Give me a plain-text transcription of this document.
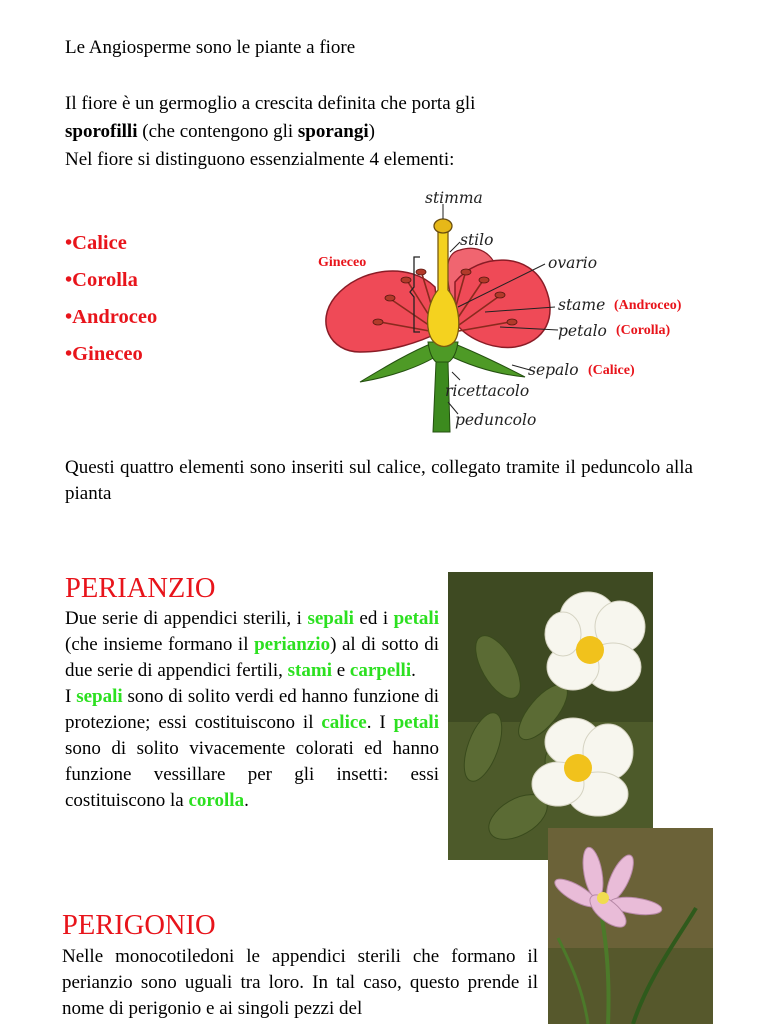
Le Angiosperme sono le piante a fiore

Il fiore è un germoglio a crescita definita che porta gli

sporofilli (che contengono gli sporangi)

Nel fiore si distinguono essenzialmente 4 elementi:

•Calice
•Corolla
•Androceo
•Gineceo
stimma
stilo
ovario
stame
petalo
sepalo
ricettacolo
peduncolo
Gineceo
(Androceo)
(Corolla)
(Calice)

Questi quattro elementi sono inseriti sul calice, collegato tramite il peduncolo alla pianta

PERIANZIO

Due serie di appendici sterili, i sepali ed i petali (che insieme formano il perianzio) al di sotto di due serie di appendici fertili, stami e carpelli.
I sepali sono di solito verdi ed hanno funzione di protezione; essi costituiscono il calice. I petali sono di solito vivacemente colorati ed hanno funzione vessillare per gli insetti: essi costituiscono la corolla.

PERIGONIO

Nelle monocotiledoni le appendici sterili che formano il perianzio sono uguali tra loro. In tal caso, questo prende il nome di perigonio e ai singoli pezzi del
